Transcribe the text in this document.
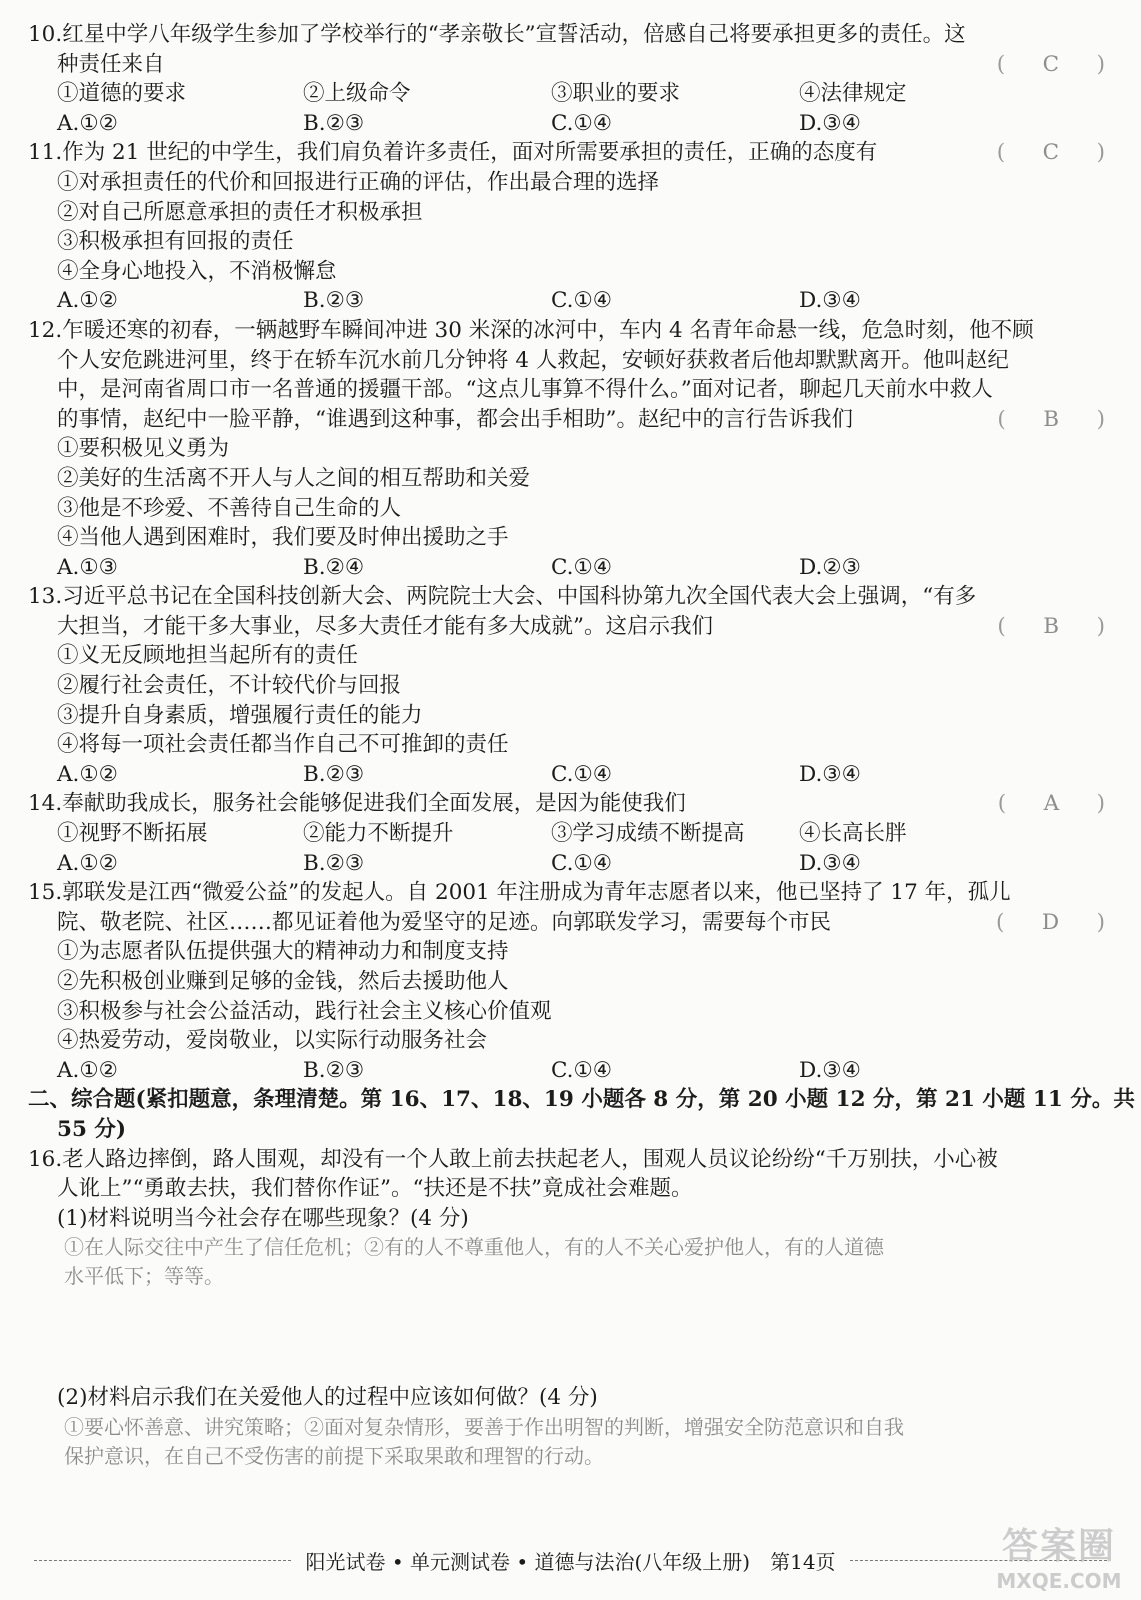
10.红星中学八年级学生参加了学校举行的“孝亲敬长”宣誓活动，倍感自己将要承担更多的责任。这
种责任来自	(　C　)
①道德的要求	②上级命令	③职业的要求	④法律规定
A.①②	B.②③	C.①④	D.③④
11.作为 21 世纪的中学生，我们肩负着许多责任，面对所需要承担的责任，正确的态度有	(　C　)
①对承担责任的代价和回报进行正确的评估，作出最合理的选择
②对自己所愿意承担的责任才积极承担
③积极承担有回报的责任
④全身心地投入，不消极懈怠
A.①②	B.②③	C.①④	D.③④
12.乍暖还寒的初春，一辆越野车瞬间冲进 30 米深的冰河中，车内 4 名青年命悬一线，危急时刻，他不顾
个人安危跳进河里，终于在轿车沉水前几分钟将 4 人救起，安顿好获救者后他却默默离开。他叫赵纪
中，是河南省周口市一名普通的援疆干部。“这点儿事算不得什么。”面对记者，聊起几天前水中救人
的事情，赵纪中一脸平静，“谁遇到这种事，都会出手相助”。赵纪中的言行告诉我们	(　B　)
①要积极见义勇为
②美好的生活离不开人与人之间的相互帮助和关爱
③他是不珍爱、不善待自己生命的人
④当他人遇到困难时，我们要及时伸出援助之手
A.①③	B.②④	C.①④	D.②③
13.习近平总书记在全国科技创新大会、两院院士大会、中国科协第九次全国代表大会上强调，“有多
大担当，才能干多大事业，尽多大责任才能有多大成就”。这启示我们	(　B　)
①义无反顾地担当起所有的责任
②履行社会责任，不计较代价与回报
③提升自身素质，增强履行责任的能力
④将每一项社会责任都当作自己不可推卸的责任
A.①②	B.②③	C.①④	D.③④
14.奉献助我成长，服务社会能够促进我们全面发展，是因为能使我们	(　A　)
①视野不断拓展	②能力不断提升	③学习成绩不断提高	④长高长胖
A.①②	B.②③	C.①④	D.③④
15.郭联发是江西“微爱公益”的发起人。自 2001 年注册成为青年志愿者以来，他已坚持了 17 年，孤儿
院、敬老院、社区……都见证着他为爱坚守的足迹。向郭联发学习，需要每个市民	(　D　)
①为志愿者队伍提供强大的精神动力和制度支持
②先积极创业赚到足够的金钱，然后去援助他人
③积极参与社会公益活动，践行社会主义核心价值观
④热爱劳动，爱岗敬业，以实际行动服务社会
A.①②	B.②③	C.①④	D.③④
二、综合题(紧扣题意，条理清楚。第 16、17、18、19 小题各 8 分，第 20 小题 12 分，第 21 小题 11 分。共
55 分)
16.老人路边摔倒，路人围观，却没有一个人敢上前去扶起老人，围观人员议论纷纷“千万别扶，小心被
人讹上”“勇敢去扶，我们替你作证”。“扶还是不扶”竟成社会难题。
(1)材料说明当今社会存在哪些现象？(4 分)
①在人际交往中产生了信任危机；②有的人不尊重他人，有的人不关心爱护他人，有的人道德
水平低下；等等。
(2)材料启示我们在关爱他人的过程中应该如何做？(4 分)
①要心怀善意、讲究策略；②面对复杂情形，要善于作出明智的判断，增强安全防范意识和自我
保护意识，在自己不受伤害的前提下采取果敢和理智的行动。
阳光试卷 • 单元测试卷 • 道德与法治(八年级上册)　第14页	答案圈
MXQE.COM
